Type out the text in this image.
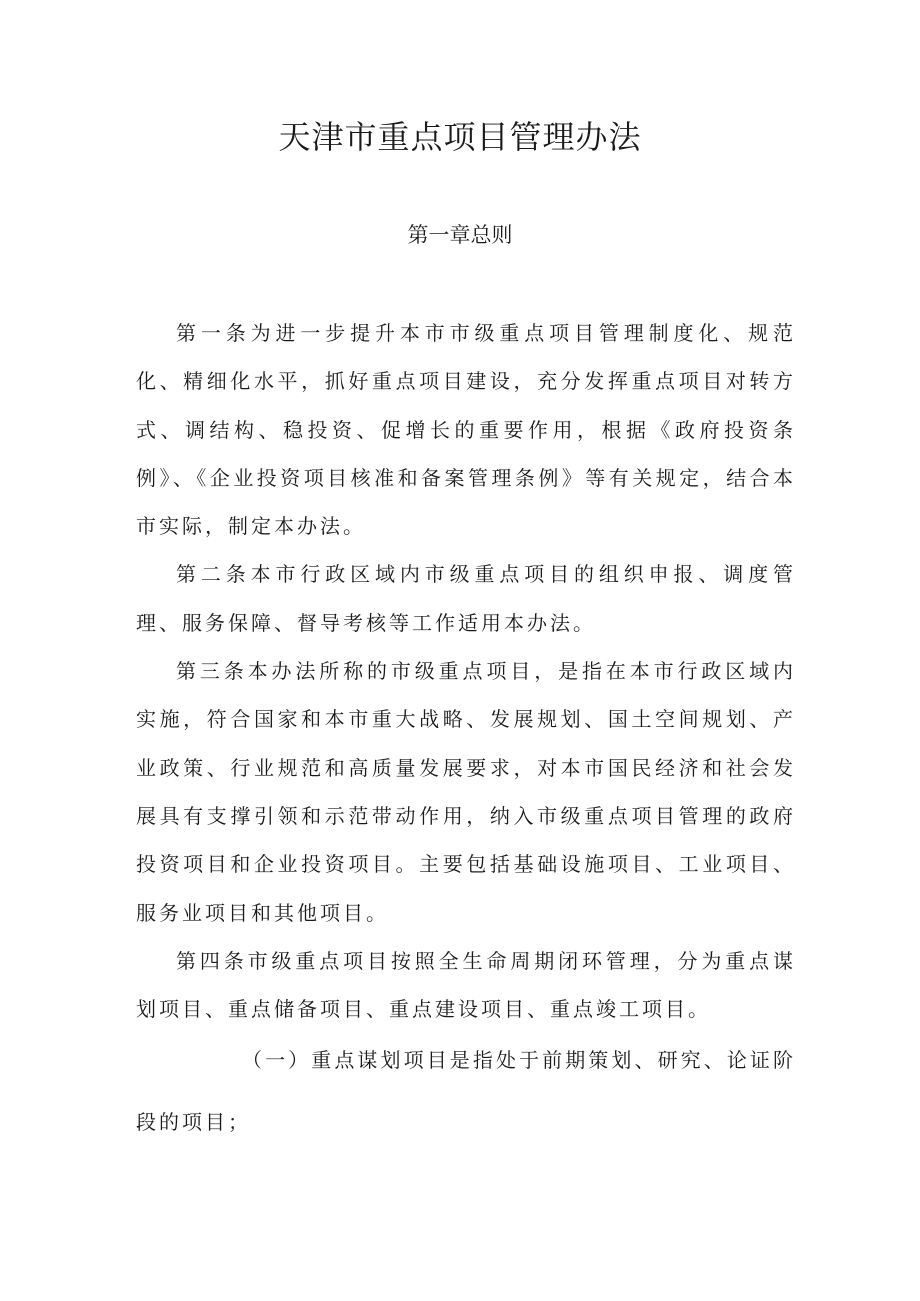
天津市重点项目管理办法
第一章总则

第一条为进一步提升本市市级重点项目管理制度化、规范化、精细化水平，抓好重点项目建设，充分发挥重点项目对转方式、调结构、稳投资、促增长的重要作用，根据《政府投资条例》、《企业投资项目核准和备案管理条例》等有关规定，结合本市实际，制定本办法。

第二条本市行政区域内市级重点项目的组织申报、调度管理、服务保障、督导考核等工作适用本办法。

第三条本办法所称的市级重点项目，是指在本市行政区域内实施，符合国家和本市重大战略、发展规划、国土空间规划、产业政策、行业规范和高质量发展要求，对本市国民经济和社会发展具有支撑引领和示范带动作用，纳入市级重点项目管理的政府投资项目和企业投资项目。主要包括基础设施项目、工业项目、服务业项目和其他项目。

第四条市级重点项目按照全生命周期闭环管理，分为重点谋划项目、重点储备项目、重点建设项目、重点竣工项目。

（一）重点谋划项目是指处于前期策划、研究、论证阶段的项目；
